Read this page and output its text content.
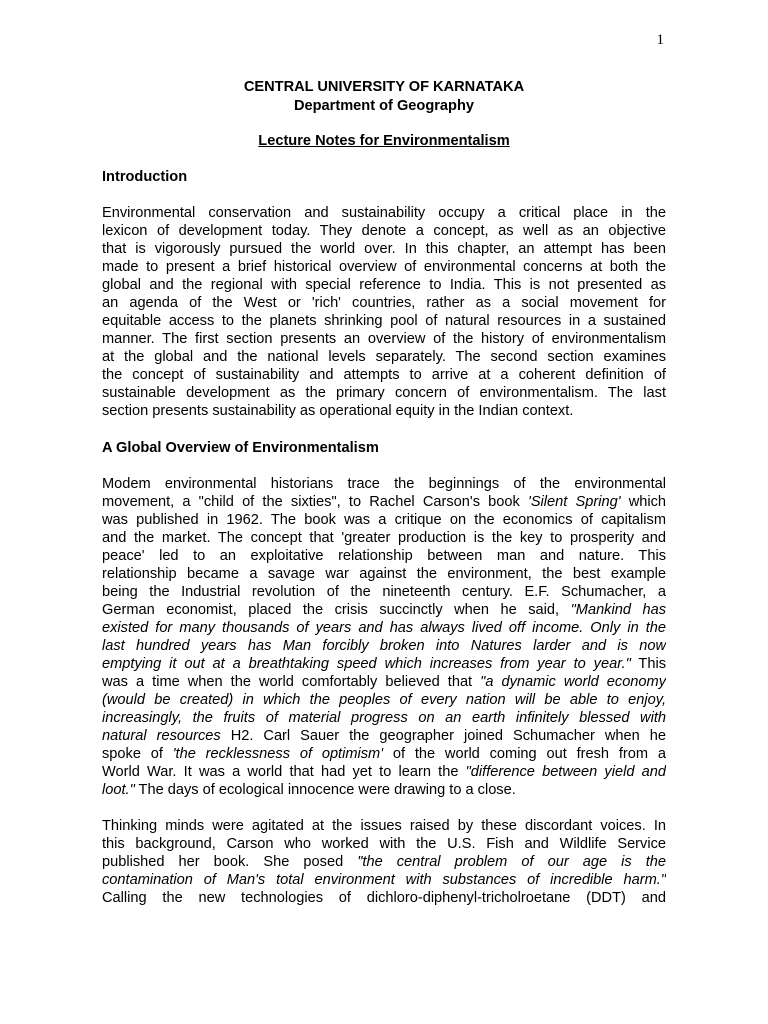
1
CENTRAL UNIVERSITY OF KARNATAKA
Department of Geography
Lecture Notes for Environmentalism
Introduction
Environmental conservation and sustainability occupy a critical place in the
lexicon of development today. They denote a concept, as well as an objective
that is vigorously pursued the world over. In this chapter, an attempt has been
made to present a brief historical overview of environmental concerns at both the
global and the regional with special reference to India. This is not presented as
an agenda of the West or 'rich' countries, rather as a social movement for
equitable access to the planets shrinking pool of natural resources in a sustained
manner. The first section presents an overview of the history of environmentalism
at the global and the national levels separately. The second section examines
the concept of sustainability and attempts to arrive at a coherent definition of
sustainable development as the primary concern of environmentalism. The last
section presents sustainability as operational equity in the Indian context.
A Global Overview of Environmentalism
Modem environmental historians trace the beginnings of the environmental
movement, a "child of the sixties", to Rachel Carson's book 'Silent Spring' which
was published in 1962. The book was a critique on the economics of capitalism
and the market. The concept that 'greater production is the key to prosperity and
peace' led to an exploitative relationship between man and nature. This
relationship became a savage war against the environment, the best example
being the Industrial revolution of the nineteenth century. E.F. Schumacher, a
German economist, placed the crisis succinctly when he said, "Mankind has
existed for many thousands of years and has always lived off income. Only in the
last hundred years has Man forcibly broken into Natures larder and is now
emptying it out at a breathtaking speed which increases from year to year." This
was a time when the world comfortably believed that "a dynamic world economy
(would be created) in which the peoples of every nation will be able to enjoy,
increasingly, the fruits of material progress on an earth infinitely blessed with
natural resources H2. Carl Sauer the geographer joined Schumacher when he
spoke of 'the recklessness of optimism' of the world coming out fresh from a
World War. It was a world that had yet to learn the "difference between yield and
loot." The days of ecological innocence were drawing to a close.
Thinking minds were agitated at the issues raised by these discordant voices. In
this background, Carson who worked with the U.S. Fish and Wildlife Service
published her book. She posed "the central problem of our age is the
contamination of Man's total environment with substances of incredible harm."
Calling the new technologies of dichloro-diphenyl-tricholroetane (DDT) and
